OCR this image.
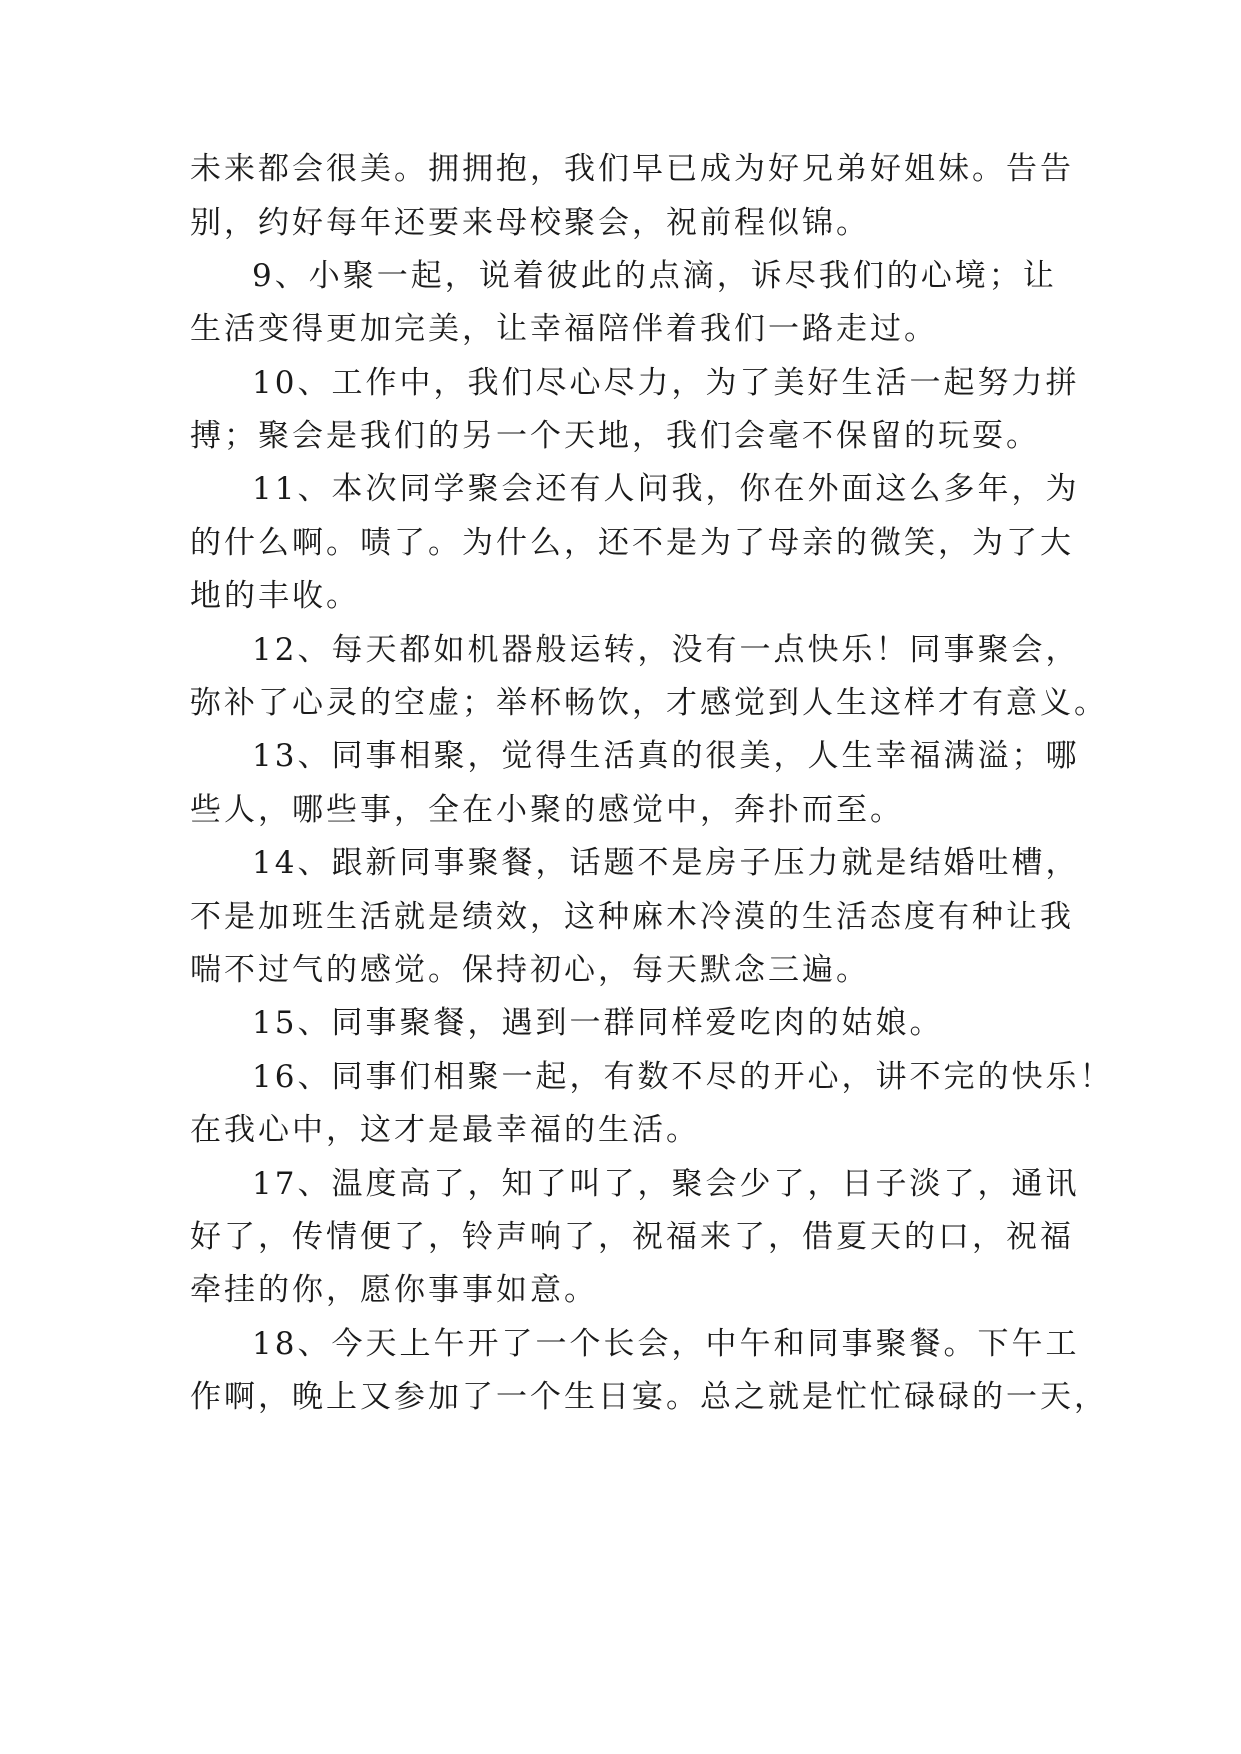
未来都会很美。拥拥抱，我们早已成为好兄弟好姐妹。告告
别，约好每年还要来母校聚会，祝前程似锦。
9、小聚一起，说着彼此的点滴，诉尽我们的心境；让
生活变得更加完美，让幸福陪伴着我们一路走过。
10、工作中，我们尽心尽力，为了美好生活一起努力拼
搏；聚会是我们的另一个天地，我们会毫不保留的玩耍。
11、本次同学聚会还有人问我，你在外面这么多年，为
的什么啊。啧了。为什么，还不是为了母亲的微笑，为了大
地的丰收。
12、每天都如机器般运转，没有一点快乐！同事聚会，
弥补了心灵的空虚；举杯畅饮，才感觉到人生这样才有意义。
13、同事相聚，觉得生活真的很美，人生幸福满溢；哪
些人，哪些事，全在小聚的感觉中，奔扑而至。
14、跟新同事聚餐，话题不是房子压力就是结婚吐槽，
不是加班生活就是绩效，这种麻木冷漠的生活态度有种让我
喘不过气的感觉。保持初心，每天默念三遍。
15、同事聚餐，遇到一群同样爱吃肉的姑娘。
16、同事们相聚一起，有数不尽的开心，讲不完的快乐！
在我心中，这才是最幸福的生活。
17、温度高了，知了叫了，聚会少了，日子淡了，通讯
好了，传情便了，铃声响了，祝福来了，借夏天的口，祝福
牵挂的你，愿你事事如意。
18、今天上午开了一个长会，中午和同事聚餐。下午工
作啊，晚上又参加了一个生日宴。总之就是忙忙碌碌的一天，
